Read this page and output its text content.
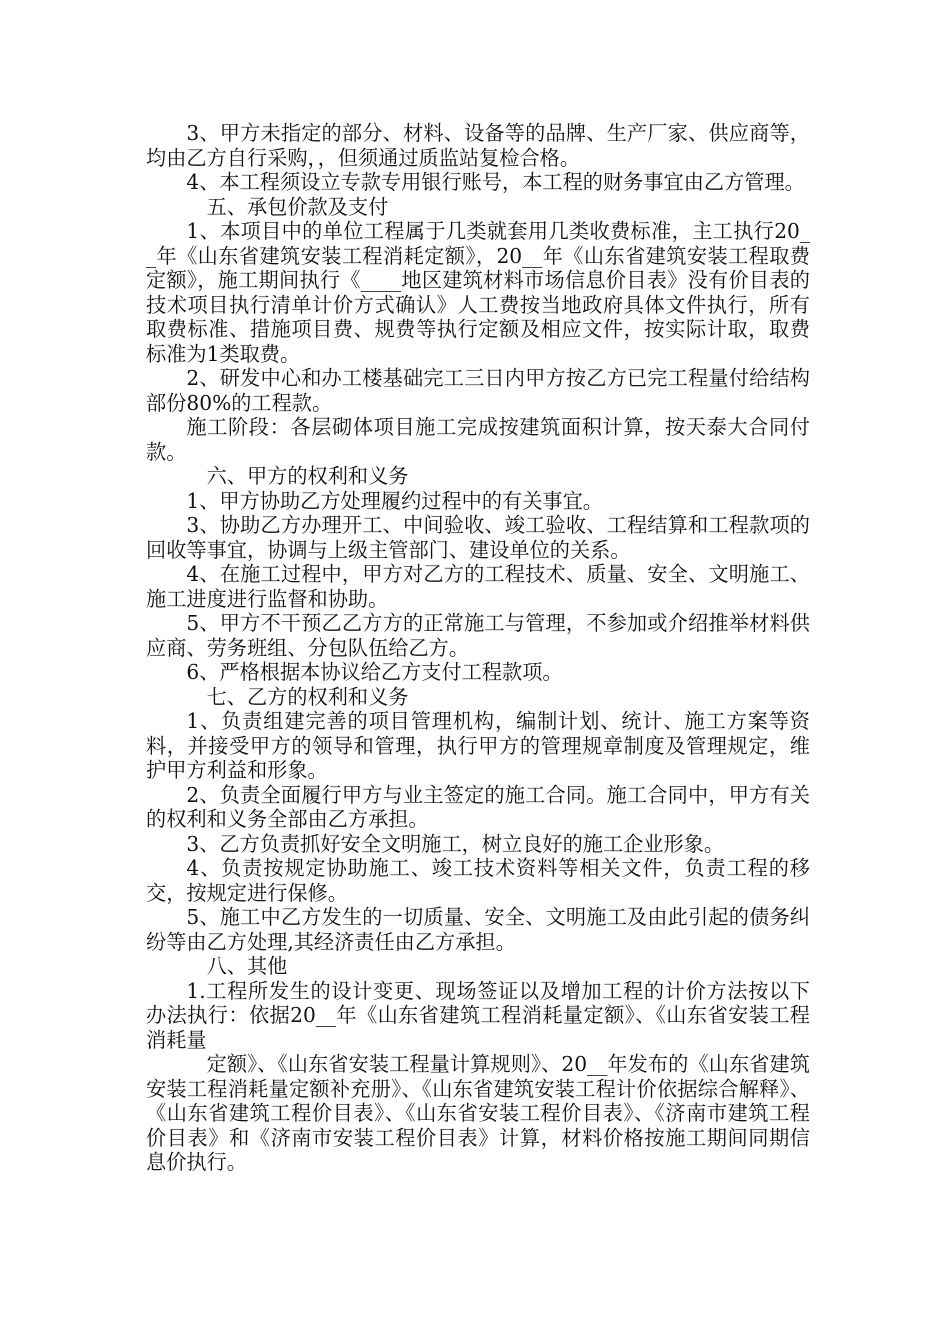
3、甲方未指定的部分、材料、设备等的品牌、生产厂家、供应商等，均由乙方自行采购，，但须通过质监站复检合格。

4、本工程须设立专款专用银行账号，本工程的财务事宜由乙方管理。

五、承包价款及支付

1、本项目中的单位工程属于几类就套用几类收费标准，主工执行20__年《山东省建筑安装工程消耗定额》，20__年《山东省建筑安装工程取费定额》，施工期间执行《____地区建筑材料市场信息价目表》没有价目表的技术项目执行清单计价方式确认》人工费按当地政府具体文件执行，所有取费标准、措施项目费、规费等执行定额及相应文件，按实际计取，取费标准为1类取费。

2、研发中心和办工楼基础完工三日内甲方按乙方已完工程量付给结构部份80%的工程款。

施工阶段：各层砌体项目施工完成按建筑面积计算，按天泰大合同付款。

六、甲方的权利和义务

1、甲方协助乙方处理履约过程中的有关事宜。

3、协助乙方办理开工、中间验收、竣工验收、工程结算和工程款项的回收等事宜，协调与上级主管部门、建设单位的关系。

4、在施工过程中，甲方对乙方的工程技术、质量、安全、文明施工、施工进度进行监督和协助。

5、甲方不干预乙乙方方的正常施工与管理，不参加或介绍推举材料供应商、劳务班组、分包队伍给乙方。

6、严格根据本协议给乙方支付工程款项。

七、乙方的权利和义务

1、负责组建完善的项目管理机构，编制计划、统计、施工方案等资料，并接受甲方的领导和管理，执行甲方的管理规章制度及管理规定，维护甲方利益和形象。

2、负责全面履行甲方与业主签定的施工合同。施工合同中，甲方有关的权利和义务全部由乙方承担。

3、乙方负责抓好安全文明施工，树立良好的施工企业形象。

4、负责按规定协助施工、竣工技术资料等相关文件，负责工程的移交，按规定进行保修。

5、施工中乙方发生的一切质量、安全、文明施工及由此引起的债务纠纷等由乙方处理,其经济责任由乙方承担。

八、其他

1.工程所发生的设计变更、现场签证以及增加工程的计价方法按以下办法执行：依据20__年《山东省建筑工程消耗量定额》、《山东省安装工程消耗量

定额》、《山东省安装工程量计算规则》、20__年发布的《山东省建筑安装工程消耗量定额补充册》、《山东省建筑安装工程计价依据综合解释》、《山东省建筑工程价目表》、《山东省安装工程价目表》、《济南市建筑工程价目表》和《济南市安装工程价目表》计算，材料价格按施工期间同期信息价执行。
